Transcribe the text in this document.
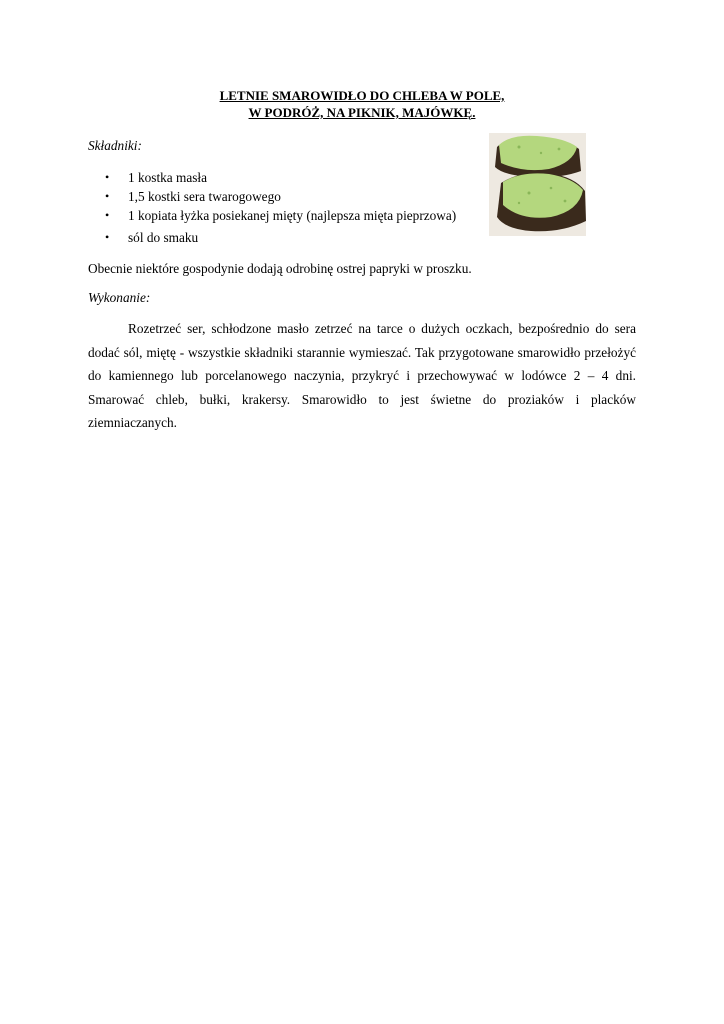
LETNIE SMAROWIDŁO DO CHLEBA W POLE,
W PODRÓŻ, NA PIKNIK, MAJÓWKĘ.
Składniki:
• 1 kostka masła
• 1,5 kostki sera twarogowego
• 1 kopiata łyżka posiekanej mięty (najlepsza mięta pieprzowa)
• sól do smaku
Obecnie niektóre gospodynie dodają odrobinę ostrej papryki w proszku.
Wykonanie:

Rozetrzeć ser, schłodzone masło zetrzeć na tarce o dużych oczkach, bezpośrednio do sera dodać sól, miętę - wszystkie składniki starannie wymieszać. Tak przygotowane smarowidło przełożyć do kamiennego lub porcelanowego naczynia, przykryć i przechowywać w lodówce 2 – 4 dni. Smarować chleb, bułki, krakersy. Smarowidło to jest świetne do proziaków i placków ziemniaczanych.
